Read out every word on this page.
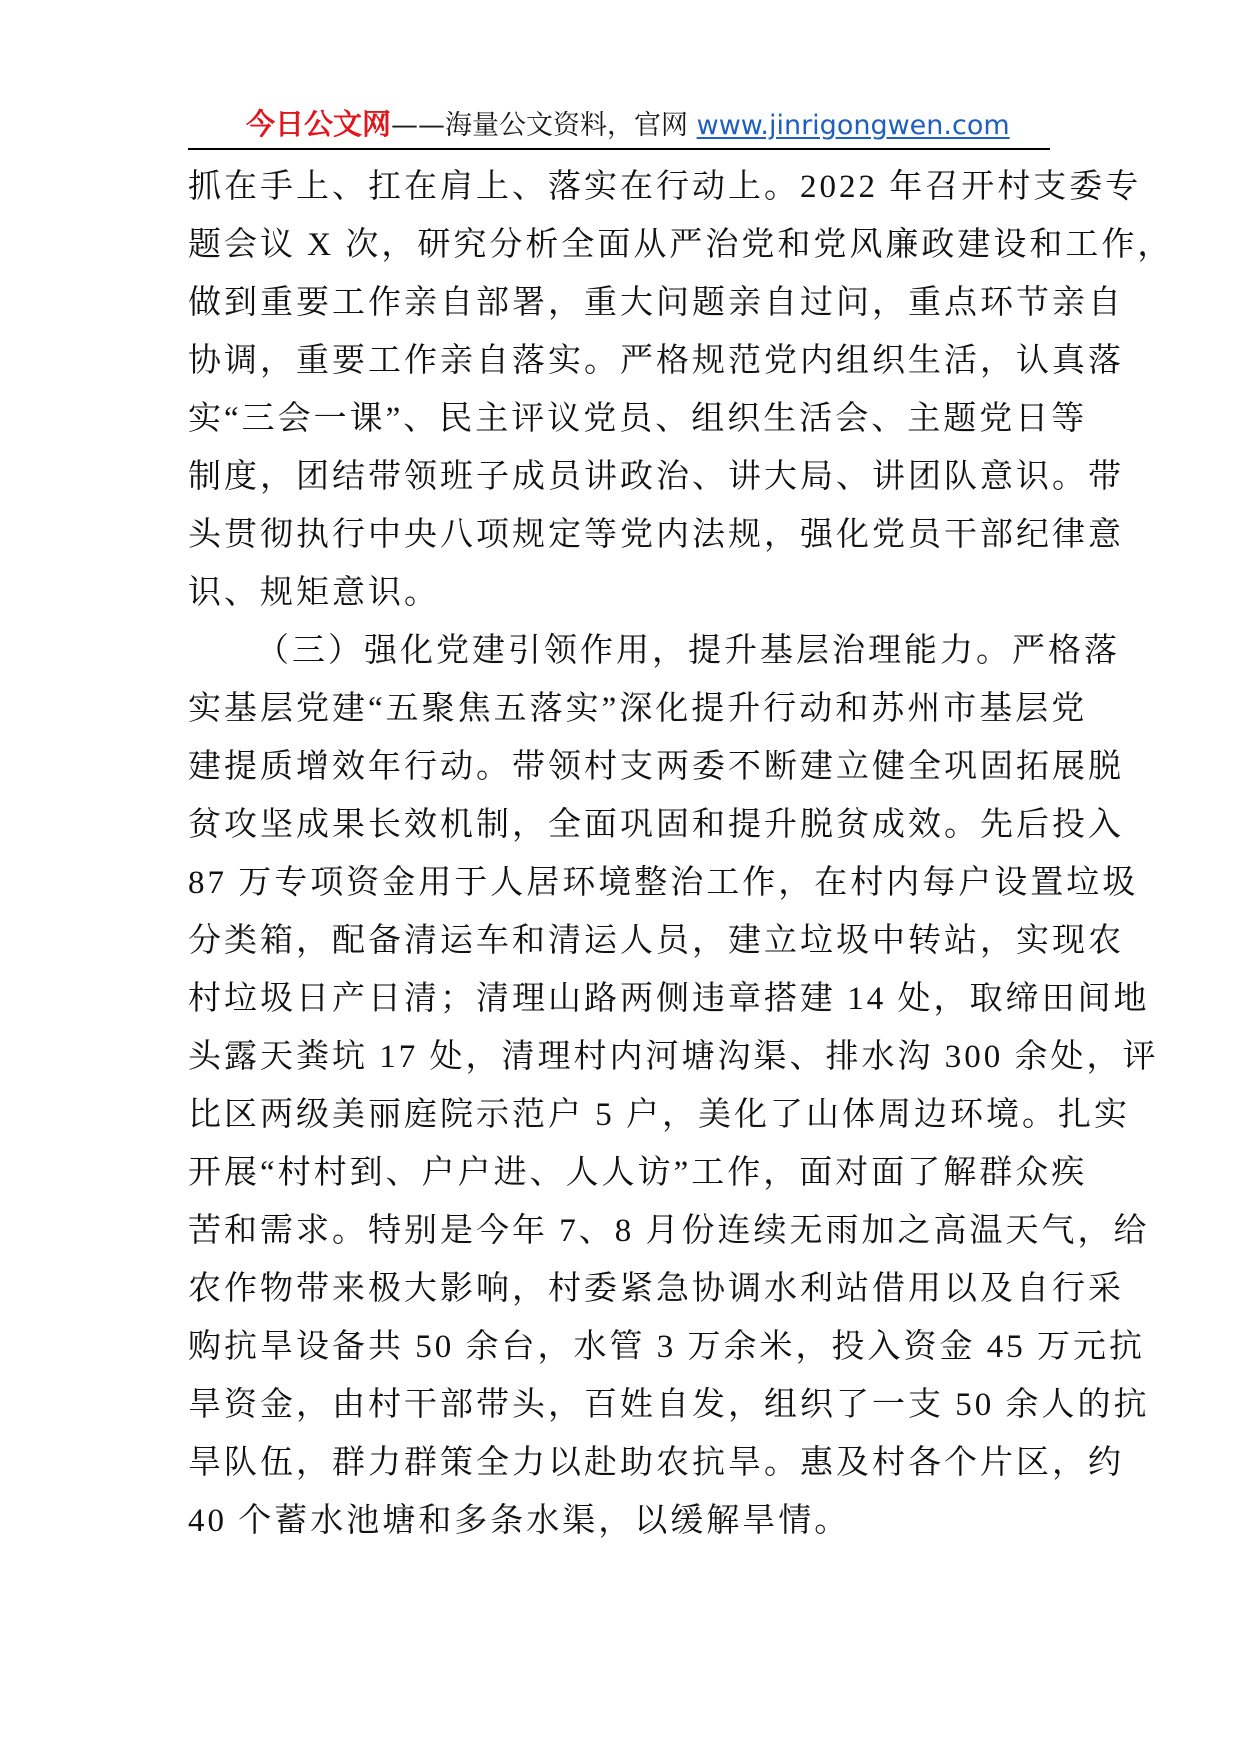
今日公文网——海量公文资料，官网 www.jinrigongwen.com
抓在手上、扛在肩上、落实在行动上。2022 年召开村支委专
题会议 X 次，研究分析全面从严治党和党风廉政建设和工作，
做到重要工作亲自部署，重大问题亲自过问，重点环节亲自
协调，重要工作亲自落实。严格规范党内组织生活，认真落
实“三会一课”、民主评议党员、组织生活会、主题党日等
制度，团结带领班子成员讲政治、讲大局、讲团队意识。带
头贯彻执行中央八项规定等党内法规，强化党员干部纪律意
识、规矩意识。
（三）强化党建引领作用，提升基层治理能力。严格落
实基层党建“五聚焦五落实”深化提升行动和苏州市基层党
建提质增效年行动。带领村支两委不断建立健全巩固拓展脱
贫攻坚成果长效机制，全面巩固和提升脱贫成效。先后投入
87 万专项资金用于人居环境整治工作，在村内每户设置垃圾
分类箱，配备清运车和清运人员，建立垃圾中转站，实现农
村垃圾日产日清；清理山路两侧违章搭建 14 处，取缔田间地
头露天粪坑 17 处，清理村内河塘沟渠、排水沟 300 余处，评
比区两级美丽庭院示范户 5 户，美化了山体周边环境。扎实
开展“村村到、户户进、人人访”工作，面对面了解群众疾
苦和需求。特别是今年 7、8 月份连续无雨加之高温天气，给
农作物带来极大影响，村委紧急协调水利站借用以及自行采
购抗旱设备共 50 余台，水管 3 万余米，投入资金 45 万元抗
旱资金，由村干部带头，百姓自发，组织了一支 50 余人的抗
旱队伍，群力群策全力以赴助农抗旱。惠及村各个片区，约
40 个蓄水池塘和多条水渠，以缓解旱情。
